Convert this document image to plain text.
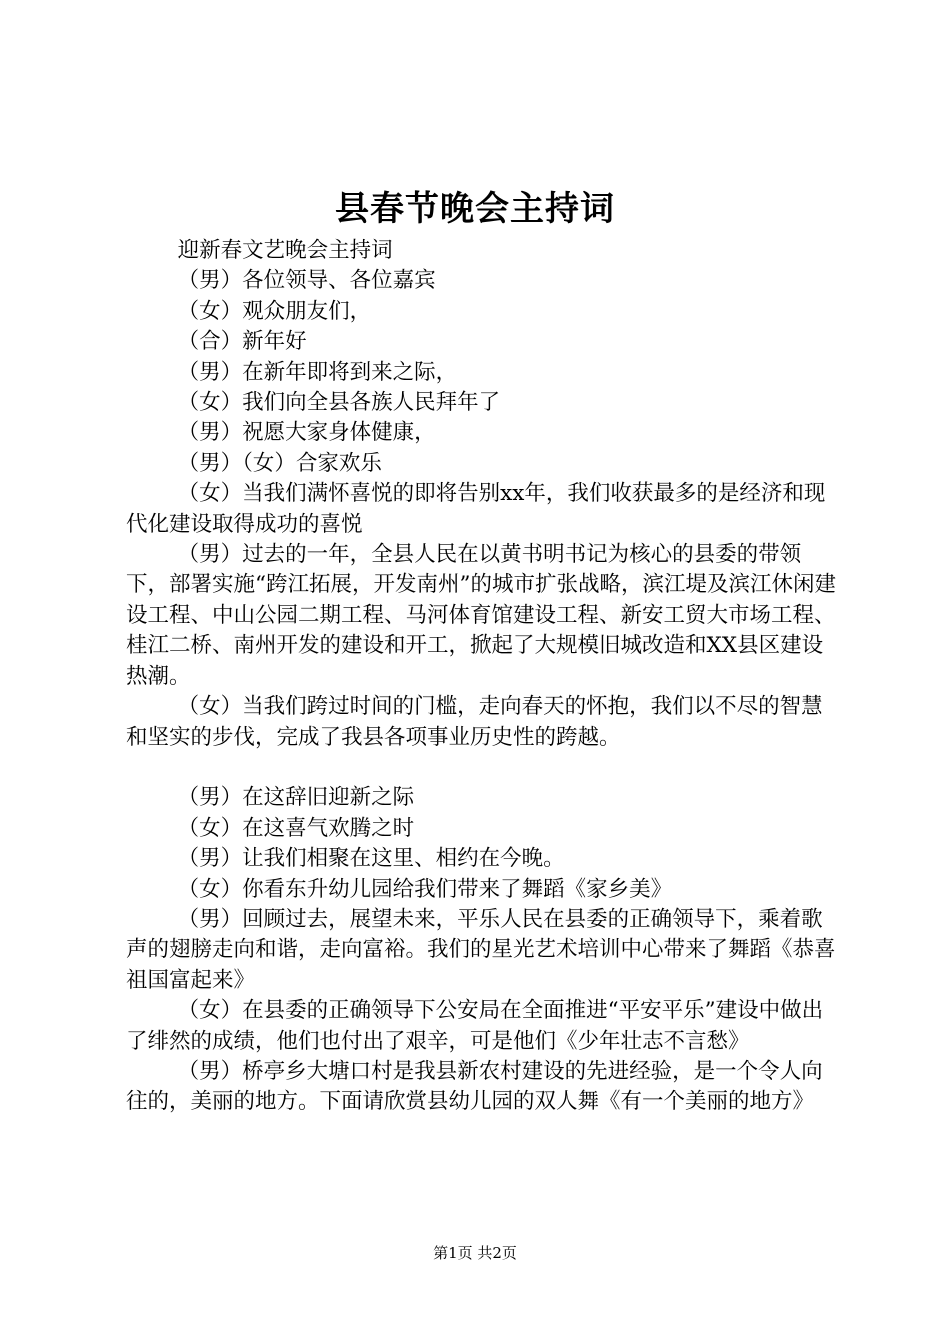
县春节晚会主持词

迎新春文艺晚会主持词

（男）各位领导、各位嘉宾

（女）观众朋友们，

（合）新年好

（男）在新年即将到来之际，

（女）我们向全县各族人民拜年了

（男）祝愿大家身体健康，

（男）（女）合家欢乐

（女）当我们满怀喜悦的即将告别xx年，我们收获最多的是经济和现代化建设取得成功的喜悦

（男）过去的一年，全县人民在以黄书明书记为核心的县委的带领下，部署实施“跨江拓展，开发南州”的城市扩张战略，滨江堤及滨江休闲建设工程、中山公园二期工程、马河体育馆建设工程、新安工贸大市场工程、桂江二桥、南州开发的建设和开工，掀起了大规模旧城改造和XX县区建设热潮。

（女）当我们跨过时间的门槛，走向春天的怀抱，我们以不尽的智慧和坚实的步伐，完成了我县各项事业历史性的跨越。

（男）在这辞旧迎新之际

（女）在这喜气欢腾之时

（男）让我们相聚在这里、相约在今晚。

（女）你看东升幼儿园给我们带来了舞蹈《家乡美》

（男）回顾过去，展望未来，平乐人民在县委的正确领导下，乘着歌声的翅膀走向和谐，走向富裕。我们的星光艺术培训中心带来了舞蹈《恭喜祖国富起来》

（女）在县委的正确领导下公安局在全面推进“平安平乐”建设中做出了绯然的成绩，他们也付出了艰辛，可是他们《少年壮志不言愁》

（男）桥亭乡大塘口村是我县新农村建设的先进经验，是一个令人向往的，美丽的地方。下面请欣赏县幼儿园的双人舞《有一个美丽的地方》

第1页 共2页
